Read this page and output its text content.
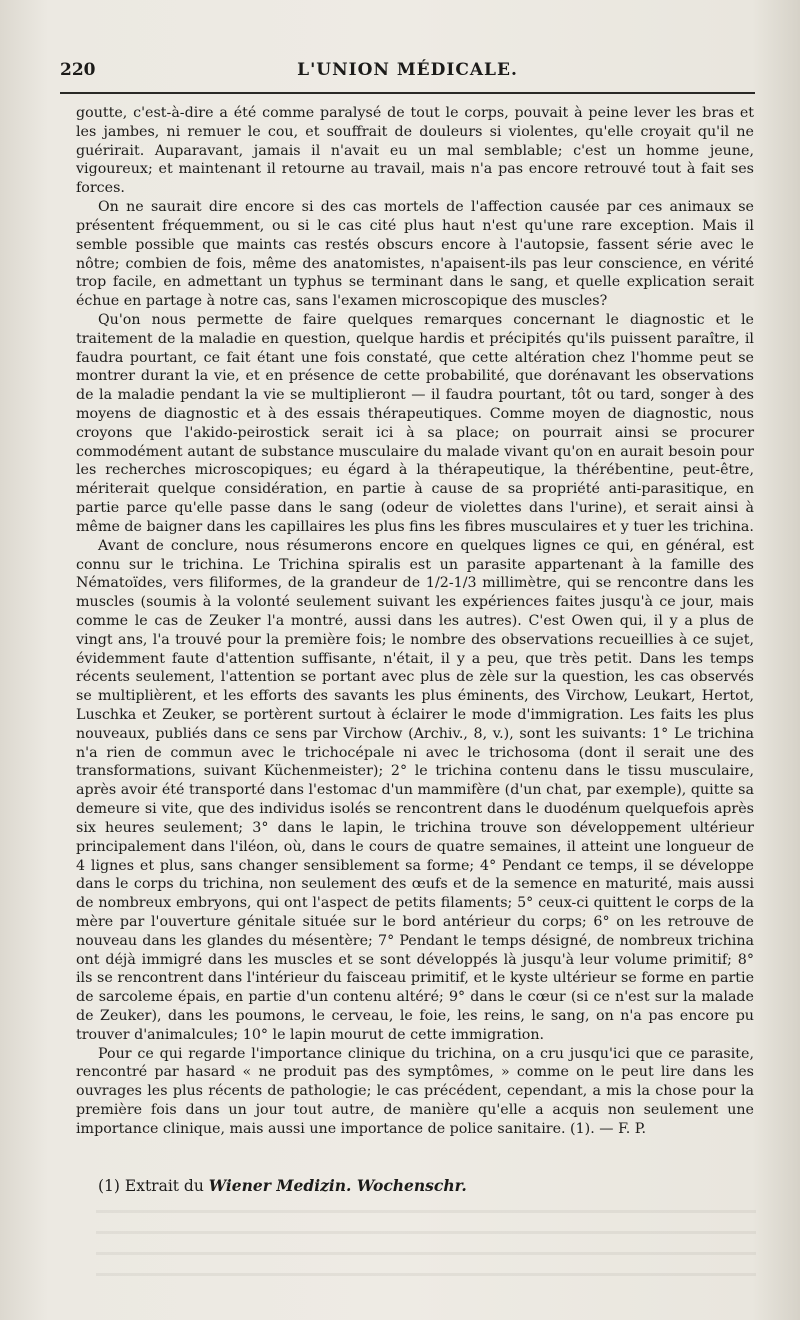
220	L'UNION MÉDICALE.

goutte, c'est-à-dire a été comme paralysé de tout le corps, pouvait à peine lever les bras et les jambes, ni remuer le cou, et souffrait de douleurs si violentes, qu'elle croyait qu'il ne guérirait. Auparavant, jamais il n'avait eu un mal semblable; c'est un homme jeune, vigoureux; et maintenant il retourne au travail, mais n'a pas encore retrouvé tout à fait ses forces.

On ne saurait dire encore si des cas mortels de l'affection causée par ces animaux se présentent fréquemment, ou si le cas cité plus haut n'est qu'une rare exception. Mais il semble possible que maints cas restés obscurs encore à l'autopsie, fassent série avec le nôtre; combien de fois, même des anatomistes, n'apaisent-ils pas leur conscience, en vérité trop facile, en admettant un typhus se terminant dans le sang, et quelle explication serait échue en partage à notre cas, sans l'examen microscopique des muscles?

Qu'on nous permette de faire quelques remarques concernant le diagnostic et le traitement de la maladie en question, quelque hardis et précipités qu'ils puissent paraître, il faudra pourtant, ce fait étant une fois constaté, que cette altération chez l'homme peut se montrer durant la vie, et en présence de cette probabilité, que dorénavant les observations de la maladie pendant la vie se multiplieront — il faudra pourtant, tôt ou tard, songer à des moyens de diagnostic et à des essais thérapeutiques. Comme moyen de diagnostic, nous croyons que l'akido-peirostick serait ici à sa place; on pourrait ainsi se procurer commodément autant de substance musculaire du malade vivant qu'on en aurait besoin pour les recherches microscopiques; eu égard à la thérapeutique, la thérébentine, peut-être, mériterait quelque considération, en partie à cause de sa propriété anti-parasitique, en partie parce qu'elle passe dans le sang (odeur de violettes dans l'urine), et serait ainsi à même de baigner dans les capillaires les plus fins les fibres musculaires et y tuer les trichina.

Avant de conclure, nous résumerons encore en quelques lignes ce qui, en général, est connu sur le trichina. Le Trichina spiralis est un parasite appartenant à la famille des Nématoïdes, vers filiformes, de la grandeur de 1/2-1/3 millimètre, qui se rencontre dans les muscles (soumis à la volonté seulement suivant les expériences faites jusqu'à ce jour, mais comme le cas de Zeuker l'a montré, aussi dans les autres). C'est Owen qui, il y a plus de vingt ans, l'a trouvé pour la première fois; le nombre des observations recueillies à ce sujet, évidemment faute d'attention suffisante, n'était, il y a peu, que très petit. Dans les temps récents seulement, l'attention se portant avec plus de zèle sur la question, les cas observés se multiplièrent, et les efforts des savants les plus éminents, des Virchow, Leukart, Hertot, Luschka et Zeuker, se portèrent surtout à éclairer le mode d'immigration. Les faits les plus nouveaux, publiés dans ce sens par Virchow (Archiv., 8, v.), sont les suivants: 1° Le trichina n'a rien de commun avec le trichocépale ni avec le trichosoma (dont il serait une des transformations, suivant Küchenmeister); 2° le trichina contenu dans le tissu musculaire, après avoir été transporté dans l'estomac d'un mammifère (d'un chat, par exemple), quitte sa demeure si vite, que des individus isolés se rencontrent dans le duodénum quelquefois après six heures seulement; 3° dans le lapin, le trichina trouve son développement ultérieur principalement dans l'iléon, où, dans le cours de quatre semaines, il atteint une longueur de 4 lignes et plus, sans changer sensiblement sa forme; 4° Pendant ce temps, il se développe dans le corps du trichina, non seulement des œufs et de la semence en maturité, mais aussi de nombreux embryons, qui ont l'aspect de petits filaments; 5° ceux-ci quittent le corps de la mère par l'ouverture génitale située sur le bord antérieur du corps; 6° on les retrouve de nouveau dans les glandes du mésentère; 7° Pendant le temps désigné, de nombreux trichina ont déjà immigré dans les muscles et se sont développés là jusqu'à leur volume primitif; 8° ils se rencontrent dans l'intérieur du faisceau primitif, et le kyste ultérieur se forme en partie de sarcoleme épais, en partie d'un contenu altéré; 9° dans le cœur (si ce n'est sur la malade de Zeuker), dans les poumons, le cerveau, le foie, les reins, le sang, on n'a pas encore pu trouver d'animalcules; 10° le lapin mourut de cette immigration.

Pour ce qui regarde l'importance clinique du trichina, on a cru jusqu'ici que ce parasite, rencontré par hasard « ne produit pas des symptômes, » comme on le peut lire dans les ouvrages les plus récents de pathologie; le cas précédent, cependant, a mis la chose pour la première fois dans un jour tout autre, de manière qu'elle a acquis non seulement une importance clinique, mais aussi une importance de police sanitaire. (1). — F. P.

(1) Extrait du Wiener Medizin. Wochenschr.
